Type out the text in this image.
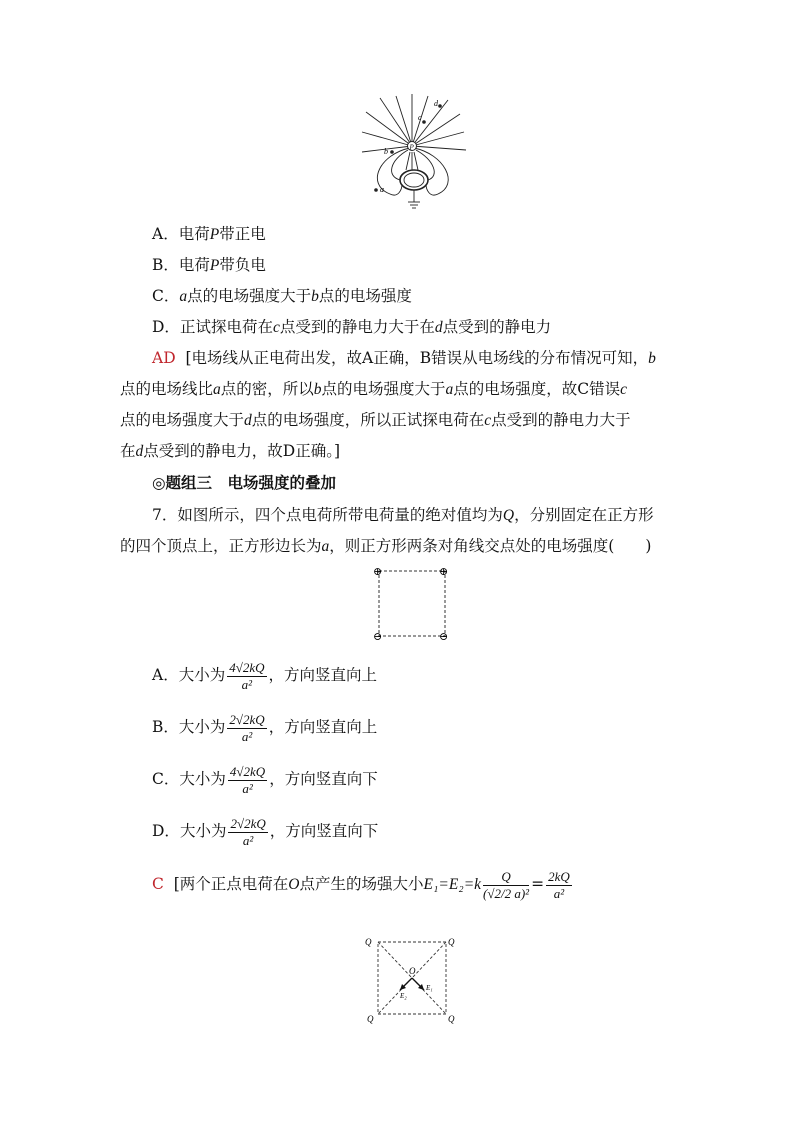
P
a
b
c
d
A．电荷P带正电
B．电荷P带负电
C．a点的电场强度大于b点的电场强度
D．正试探电荷在c点受到的静电力大于在d点受到的静电力
AD [电场线从正电荷出发，故A正确，B错误从电场线的分布情况可知，b
点的电场线比a点的密，所以b点的电场强度大于a点的电场强度，故C错误c
点的电场强度大于d点的电场强度，所以正试探电荷在c点受到的静电力大于
在d点受到的静电力，故D正确。]
◎题组三　电场强度的叠加
7．如图所示，四个点电荷所带电荷量的绝对值均为Q，分别固定在正方形
的四个顶点上，正方形边长为a，则正方形两条对角线交点处的电场强度(　　)
⊕	⊕
⊖	⊖
A．大小为 $\frac{4√2kQ}{\text{a²}}$ ，方向竖直向上
B．大小为 $\frac{2√2kQ}{\text{a²}}$ ，方向竖直向上
C．大小为 $\frac{4√2kQ}{\text{a²}}$ ，方向竖直向下
D．大小为 $\frac{2√2kQ}{\text{a²}}$ ，方向竖直向下
C [两个正点电荷在O点产生的场强大小$E_1=E_2=k \frac{Q}{\text{(√2/2 a)²}} = \frac{2kQ}{\text{a²}}$
Q	Q
Q	Q
O
E₁
E₂
